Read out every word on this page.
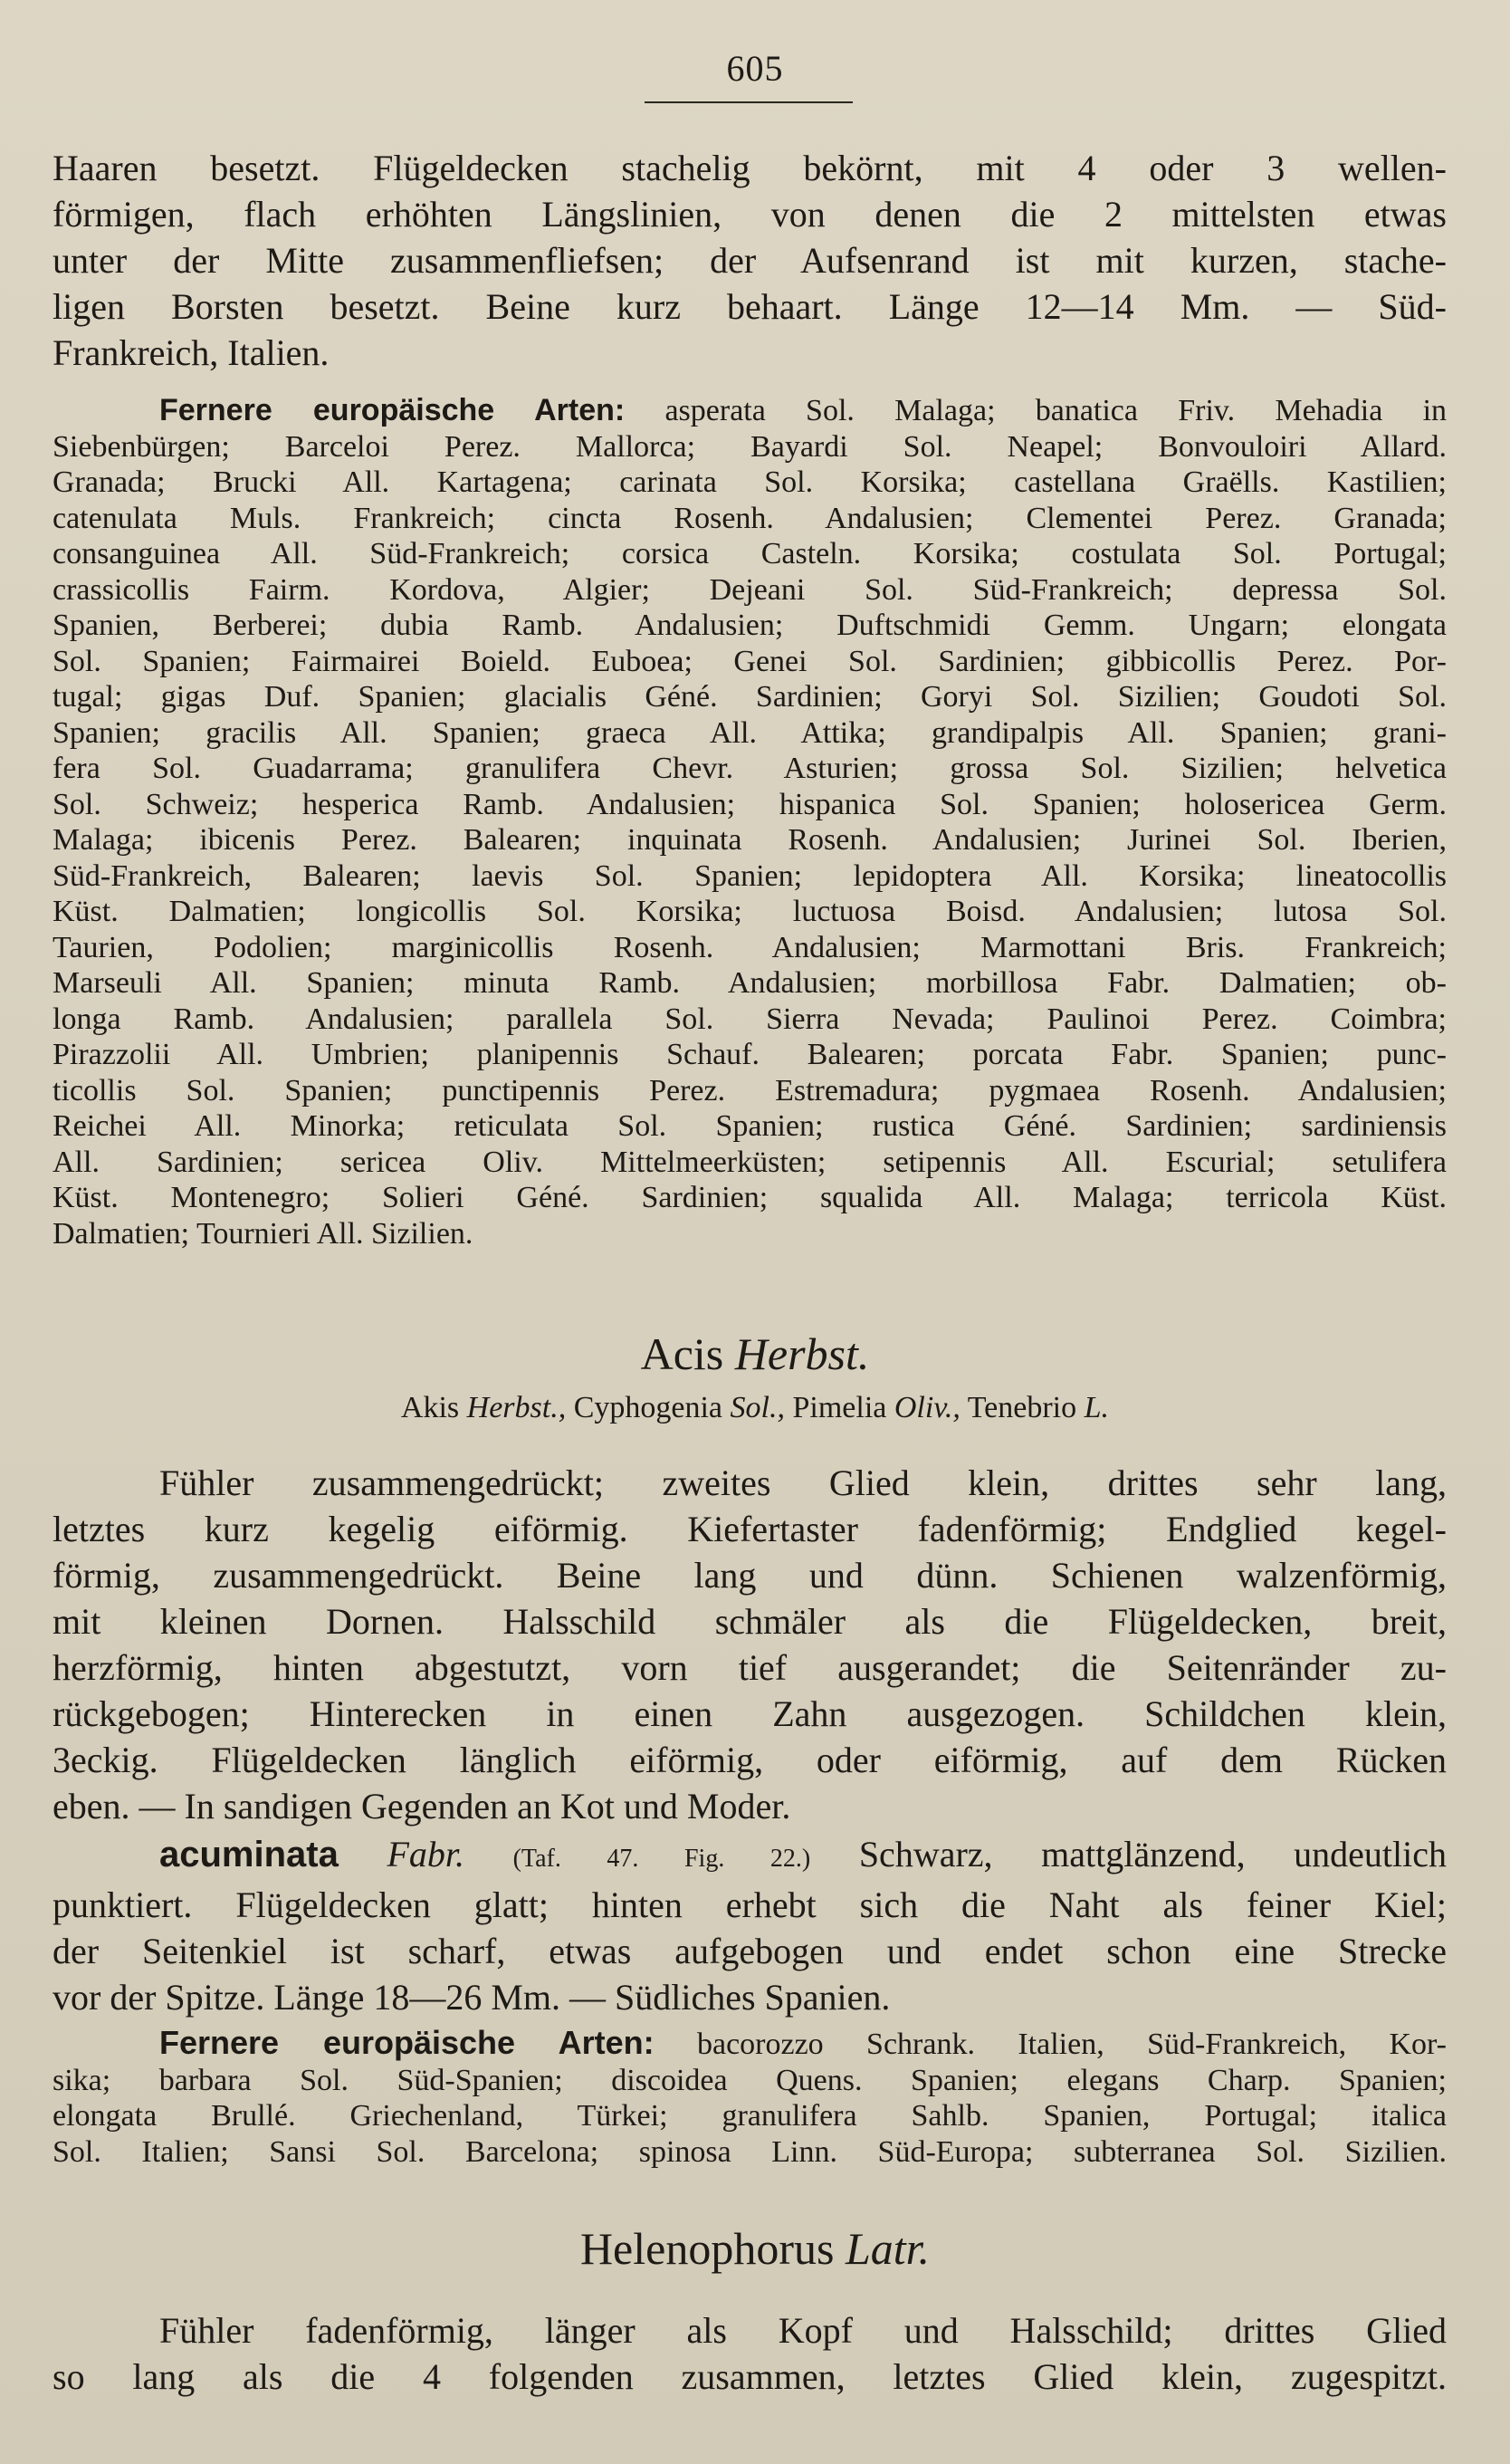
605
Haaren besetzt. Flügeldecken stachelig bekörnt, mit 4 oder 3 wellen-
förmigen, flach erhöhten Längslinien, von denen die 2 mittelsten etwas
unter der Mitte zusammenfliefsen; der Aufsenrand ist mit kurzen, stache-
ligen Borsten besetzt. Beine kurz behaart. Länge 12—14 Mm. — Süd-
Frankreich, Italien.
Fernere europäische Arten: asperata Sol. Malaga; banatica Friv. Mehadia in
Siebenbürgen; Barceloi Perez. Mallorca; Bayardi Sol. Neapel; Bonvouloiri Allard.
Granada; Brucki All. Kartagena; carinata Sol. Korsika; castellana Graëlls. Kastilien;
catenulata Muls. Frankreich; cincta Rosenh. Andalusien; Clementei Perez. Granada;
consanguinea All. Süd-Frankreich; corsica Casteln. Korsika; costulata Sol. Portugal;
crassicollis Fairm. Kordova, Algier; Dejeani Sol. Süd-Frankreich; depressa Sol.
Spanien, Berberei; dubia Ramb. Andalusien; Duftschmidi Gemm. Ungarn; elongata
Sol. Spanien; Fairmairei Boield. Euboea; Genei Sol. Sardinien; gibbicollis Perez. Por-
tugal; gigas Duf. Spanien; glacialis Géné. Sardinien; Goryi Sol. Sizilien; Goudoti Sol.
Spanien; gracilis All. Spanien; graeca All. Attika; grandipalpis All. Spanien; grani-
fera Sol. Guadarrama; granulifera Chevr. Asturien; grossa Sol. Sizilien; helvetica
Sol. Schweiz; hesperica Ramb. Andalusien; hispanica Sol. Spanien; holosericea Germ.
Malaga; ibicenis Perez. Balearen; inquinata Rosenh. Andalusien; Jurinei Sol. Iberien,
Süd-Frankreich, Balearen; laevis Sol. Spanien; lepidoptera All. Korsika; lineatocollis
Küst. Dalmatien; longicollis Sol. Korsika; luctuosa Boisd. Andalusien; lutosa Sol.
Taurien, Podolien; marginicollis Rosenh. Andalusien; Marmottani Bris. Frankreich;
Marseuli All. Spanien; minuta Ramb. Andalusien; morbillosa Fabr. Dalmatien; ob-
longa Ramb. Andalusien; parallela Sol. Sierra Nevada; Paulinoi Perez. Coimbra;
Pirazzolii All. Umbrien; planipennis Schauf. Balearen; porcata Fabr. Spanien; punc-
ticollis Sol. Spanien; punctipennis Perez. Estremadura; pygmaea Rosenh. Andalusien;
Reichei All. Minorka; reticulata Sol. Spanien; rustica Géné. Sardinien; sardiniensis
All. Sardinien; sericea Oliv. Mittelmeerküsten; setipennis All. Escurial; setulifera
Küst. Montenegro; Solieri Géné. Sardinien; squalida All. Malaga; terricola Küst.
Dalmatien; Tournieri All. Sizilien.
Acis Herbst.
Akis Herbst., Cyphogenia Sol., Pimelia Oliv., Tenebrio L.
Fühler zusammengedrückt; zweites Glied klein, drittes sehr lang,
letztes kurz kegelig eiförmig. Kiefertaster fadenförmig; Endglied kegel-
förmig, zusammengedrückt. Beine lang und dünn. Schienen walzenförmig,
mit kleinen Dornen. Halsschild schmäler als die Flügeldecken, breit,
herzförmig, hinten abgestutzt, vorn tief ausgerandet; die Seitenränder zu-
rückgebogen; Hinterecken in einen Zahn ausgezogen. Schildchen klein,
3eckig. Flügeldecken länglich eiförmig, oder eiförmig, auf dem Rücken
eben. — In sandigen Gegenden an Kot und Moder.
acuminata Fabr. (Taf. 47. Fig. 22.) Schwarz, mattglänzend, undeutlich
punktiert. Flügeldecken glatt; hinten erhebt sich die Naht als feiner Kiel;
der Seitenkiel ist scharf, etwas aufgebogen und endet schon eine Strecke
vor der Spitze. Länge 18—26 Mm. — Südliches Spanien.
Fernere europäische Arten: bacorozzo Schrank. Italien, Süd-Frankreich, Kor-
sika; barbara Sol. Süd-Spanien; discoidea Quens. Spanien; elegans Charp. Spanien;
elongata Brullé. Griechenland, Türkei; granulifera Sahlb. Spanien, Portugal; italica
Sol. Italien; Sansi Sol. Barcelona; spinosa Linn. Süd-Europa; subterranea Sol. Sizilien.
Helenophorus Latr.
Fühler fadenförmig, länger als Kopf und Halsschild; drittes Glied
so lang als die 4 folgenden zusammen, letztes Glied klein, zugespitzt.
